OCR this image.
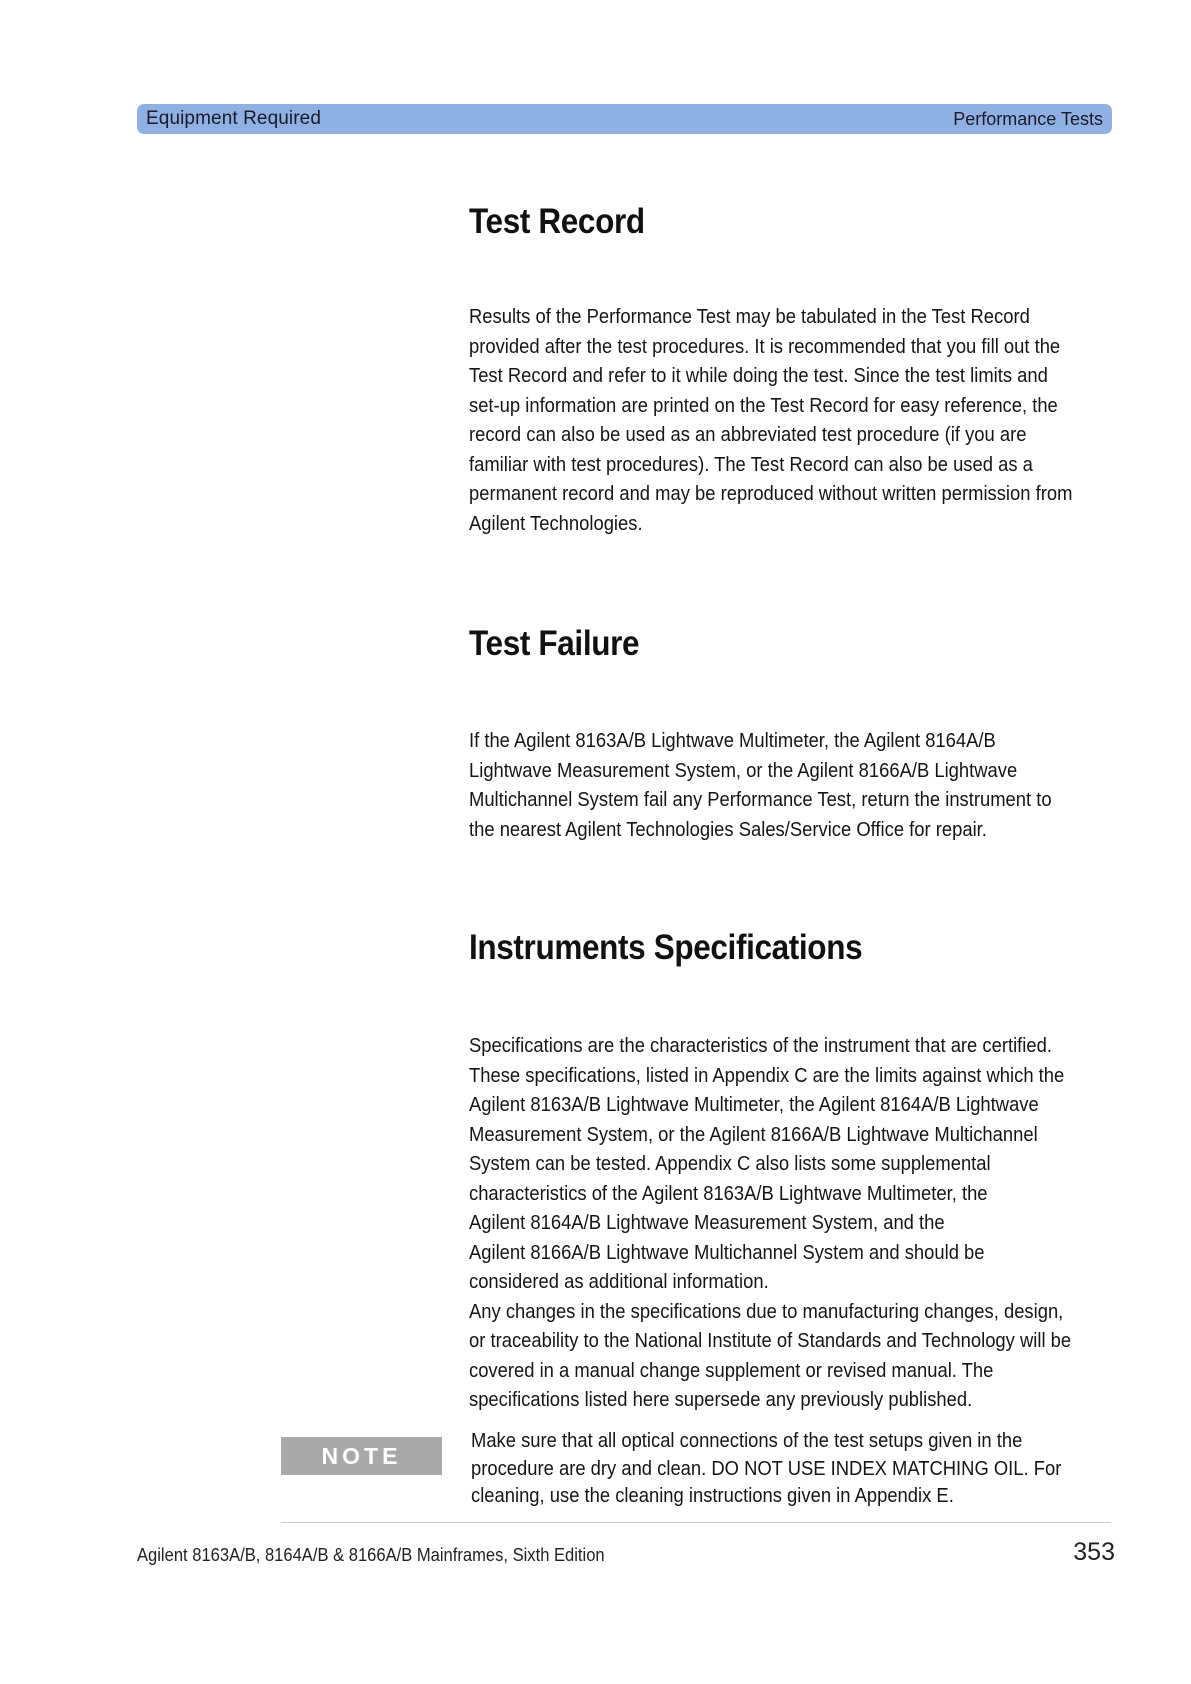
Equipment Required	Performance Tests
Test Record
Results of the Performance Test may be tabulated in the Test Record
provided after the test procedures. It is recommended that you fill out the
Test Record and refer to it while doing the test. Since the test limits and
set-up information are printed on the Test Record for easy reference, the
record can also be used as an abbreviated test procedure (if you are
familiar with test procedures). The Test Record can also be used as a
permanent record and may be reproduced without written permission from
Agilent Technologies.
Test Failure
If the Agilent 8163A/B Lightwave Multimeter, the Agilent 8164A/B
Lightwave Measurement System, or the Agilent 8166A/B Lightwave
Multichannel System fail any Performance Test, return the instrument to
the nearest Agilent Technologies Sales/Service Office for repair.
Instruments Specifications
Specifications are the characteristics of the instrument that are certified.
These specifications, listed in Appendix C are the limits against which the
Agilent 8163A/B Lightwave Multimeter, the Agilent 8164A/B Lightwave
Measurement System, or the Agilent 8166A/B Lightwave Multichannel
System can be tested. Appendix C also lists some supplemental
characteristics of the Agilent 8163A/B Lightwave Multimeter, the
Agilent 8164A/B Lightwave Measurement System, and the
Agilent 8166A/B Lightwave Multichannel System and should be
considered as additional information.
Any changes in the specifications due to manufacturing changes, design,
or traceability to the National Institute of Standards and Technology will be
covered in a manual change supplement or revised manual. The
specifications listed here supersede any previously published.
NOTE
Make sure that all optical connections of the test setups given in the
procedure are dry and clean. DO NOT USE INDEX MATCHING OIL. For
cleaning, use the cleaning instructions given in Appendix E.
Agilent 8163A/B, 8164A/B & 8166A/B Mainframes, Sixth Edition	353
